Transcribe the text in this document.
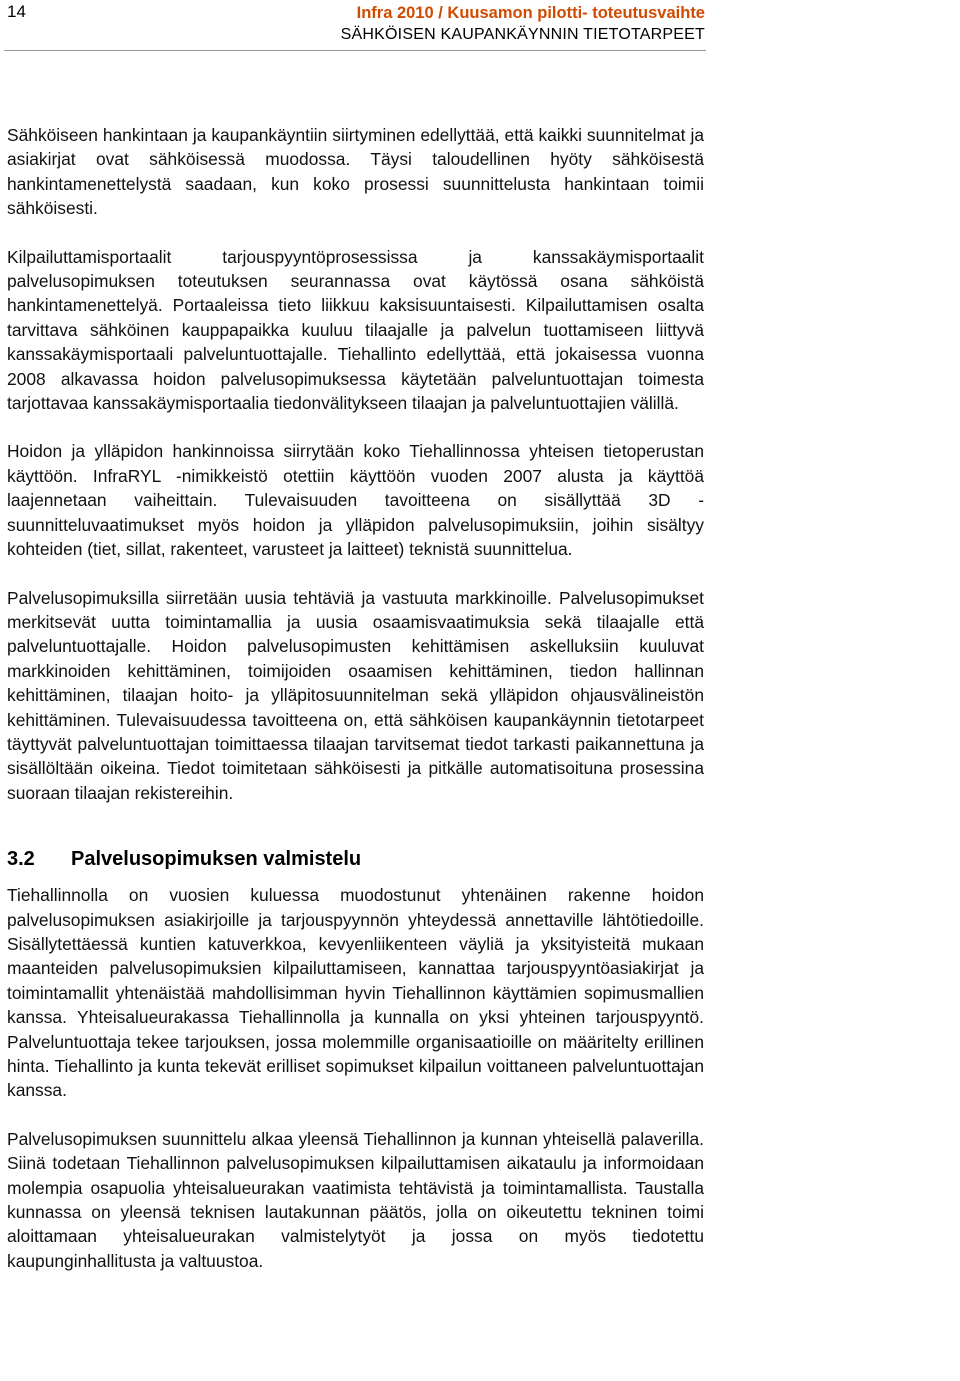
14	Infra 2010 / Kuusamon pilotti- toteutusvaihte
SÄHKÖISEN KAUPANKÄYNNIN TIETOTARPEET

Sähköiseen hankintaan ja kaupankäyntiin siirtyminen edellyttää, että kaikki suunnitelmat ja asiakirjat ovat sähköisessä muodossa. Täysi taloudellinen hyöty sähköisestä hankintamenettelystä saadaan, kun koko prosessi suunnittelusta hankintaan toimii sähköisesti.

Kilpailuttamisportaalit tarjouspyyntöprosessissa ja kanssakäymisportaalit palvelusopimuksen toteutuksen seurannassa ovat käytössä osana sähköistä hankintamenettelyä. Portaaleissa tieto liikkuu kaksisuuntaisesti. Kilpailuttamisen osalta tarvittava sähköinen kauppapaikka kuuluu tilaajalle ja palvelun tuottamiseen liittyvä kanssakäymisportaali palveluntuottajalle. Tiehallinto edellyttää, että jokaisessa vuonna 2008 alkavassa hoidon palvelusopimuksessa käytetään palveluntuottajan toimesta tarjottavaa kanssakäymisportaalia tiedonvälitykseen tilaajan ja palveluntuottajien välillä.

Hoidon ja ylläpidon hankinnoissa siirrytään koko Tiehallinnossa yhteisen tietoperustan käyttöön. InfraRYL -nimikkeistö otettiin käyttöön vuoden 2007 alusta ja käyttöä laajennetaan vaiheittain. Tulevaisuuden tavoitteena on sisällyttää 3D -suunnitteluvaatimukset myös hoidon ja ylläpidon palvelusopimuksiin, joihin sisältyy kohteiden (tiet, sillat, rakenteet, varusteet ja laitteet) teknistä suunnittelua.

Palvelusopimuksilla siirretään uusia tehtäviä ja vastuuta markkinoille. Palvelusopimukset merkitsevät uutta toimintamallia ja uusia osaamisvaatimuksia sekä tilaajalle että palveluntuottajalle. Hoidon palvelusopimusten kehittämisen askelluksiin kuuluvat markkinoiden kehittäminen, toimijoiden osaamisen kehittäminen, tiedon hallinnan kehittäminen, tilaajan hoito- ja ylläpitosuunnitelman sekä ylläpidon ohjausvälineistön kehittäminen. Tulevaisuudessa tavoitteena on, että sähköisen kaupankäynnin tietotarpeet täyttyvät palveluntuottajan toimittaessa tilaajan tarvitsemat tiedot tarkasti paikannettuna ja sisällöltään oikeina. Tiedot toimitetaan sähköisesti ja pitkälle automatisoituna prosessina suoraan tilaajan rekistereihin.

3.2 Palvelusopimuksen valmistelu

Tiehallinnolla on vuosien kuluessa muodostunut yhtenäinen rakenne hoidon palvelusopimuksen asiakirjoille ja tarjouspyynnön yhteydessä annettaville lähtötiedoille. Sisällytettäessä kuntien katuverkkoa, kevyenliikenteen väyliä ja yksityisteitä mukaan maanteiden palvelusopimuksien kilpailuttamiseen, kannattaa tarjouspyyntöasiakirjat ja toimintamallit yhtenäistää mahdollisimman hyvin Tiehallinnon käyttämien sopimusmallien kanssa. Yhteisalueurakassa Tiehallinnolla ja kunnalla on yksi yhteinen tarjouspyyntö. Palveluntuottaja tekee tarjouksen, jossa molemmille organisaatioille on määritelty erillinen hinta. Tiehallinto ja kunta tekevät erilliset sopimukset kilpailun voittaneen palveluntuottajan kanssa.

Palvelusopimuksen suunnittelu alkaa yleensä Tiehallinnon ja kunnan yhteisellä palaverilla. Siinä todetaan Tiehallinnon palvelusopimuksen kilpailuttamisen aikataulu ja informoidaan molempia osapuolia yhteisalueurakan vaatimista tehtävistä ja toimintamallista. Taustalla kunnassa on yleensä teknisen lautakunnan päätös, jolla on oikeutettu tekninen toimi aloittamaan yhteisalueurakan valmistelytyöt ja jossa on myös tiedotettu kaupunginhallitusta ja valtuustoa.
